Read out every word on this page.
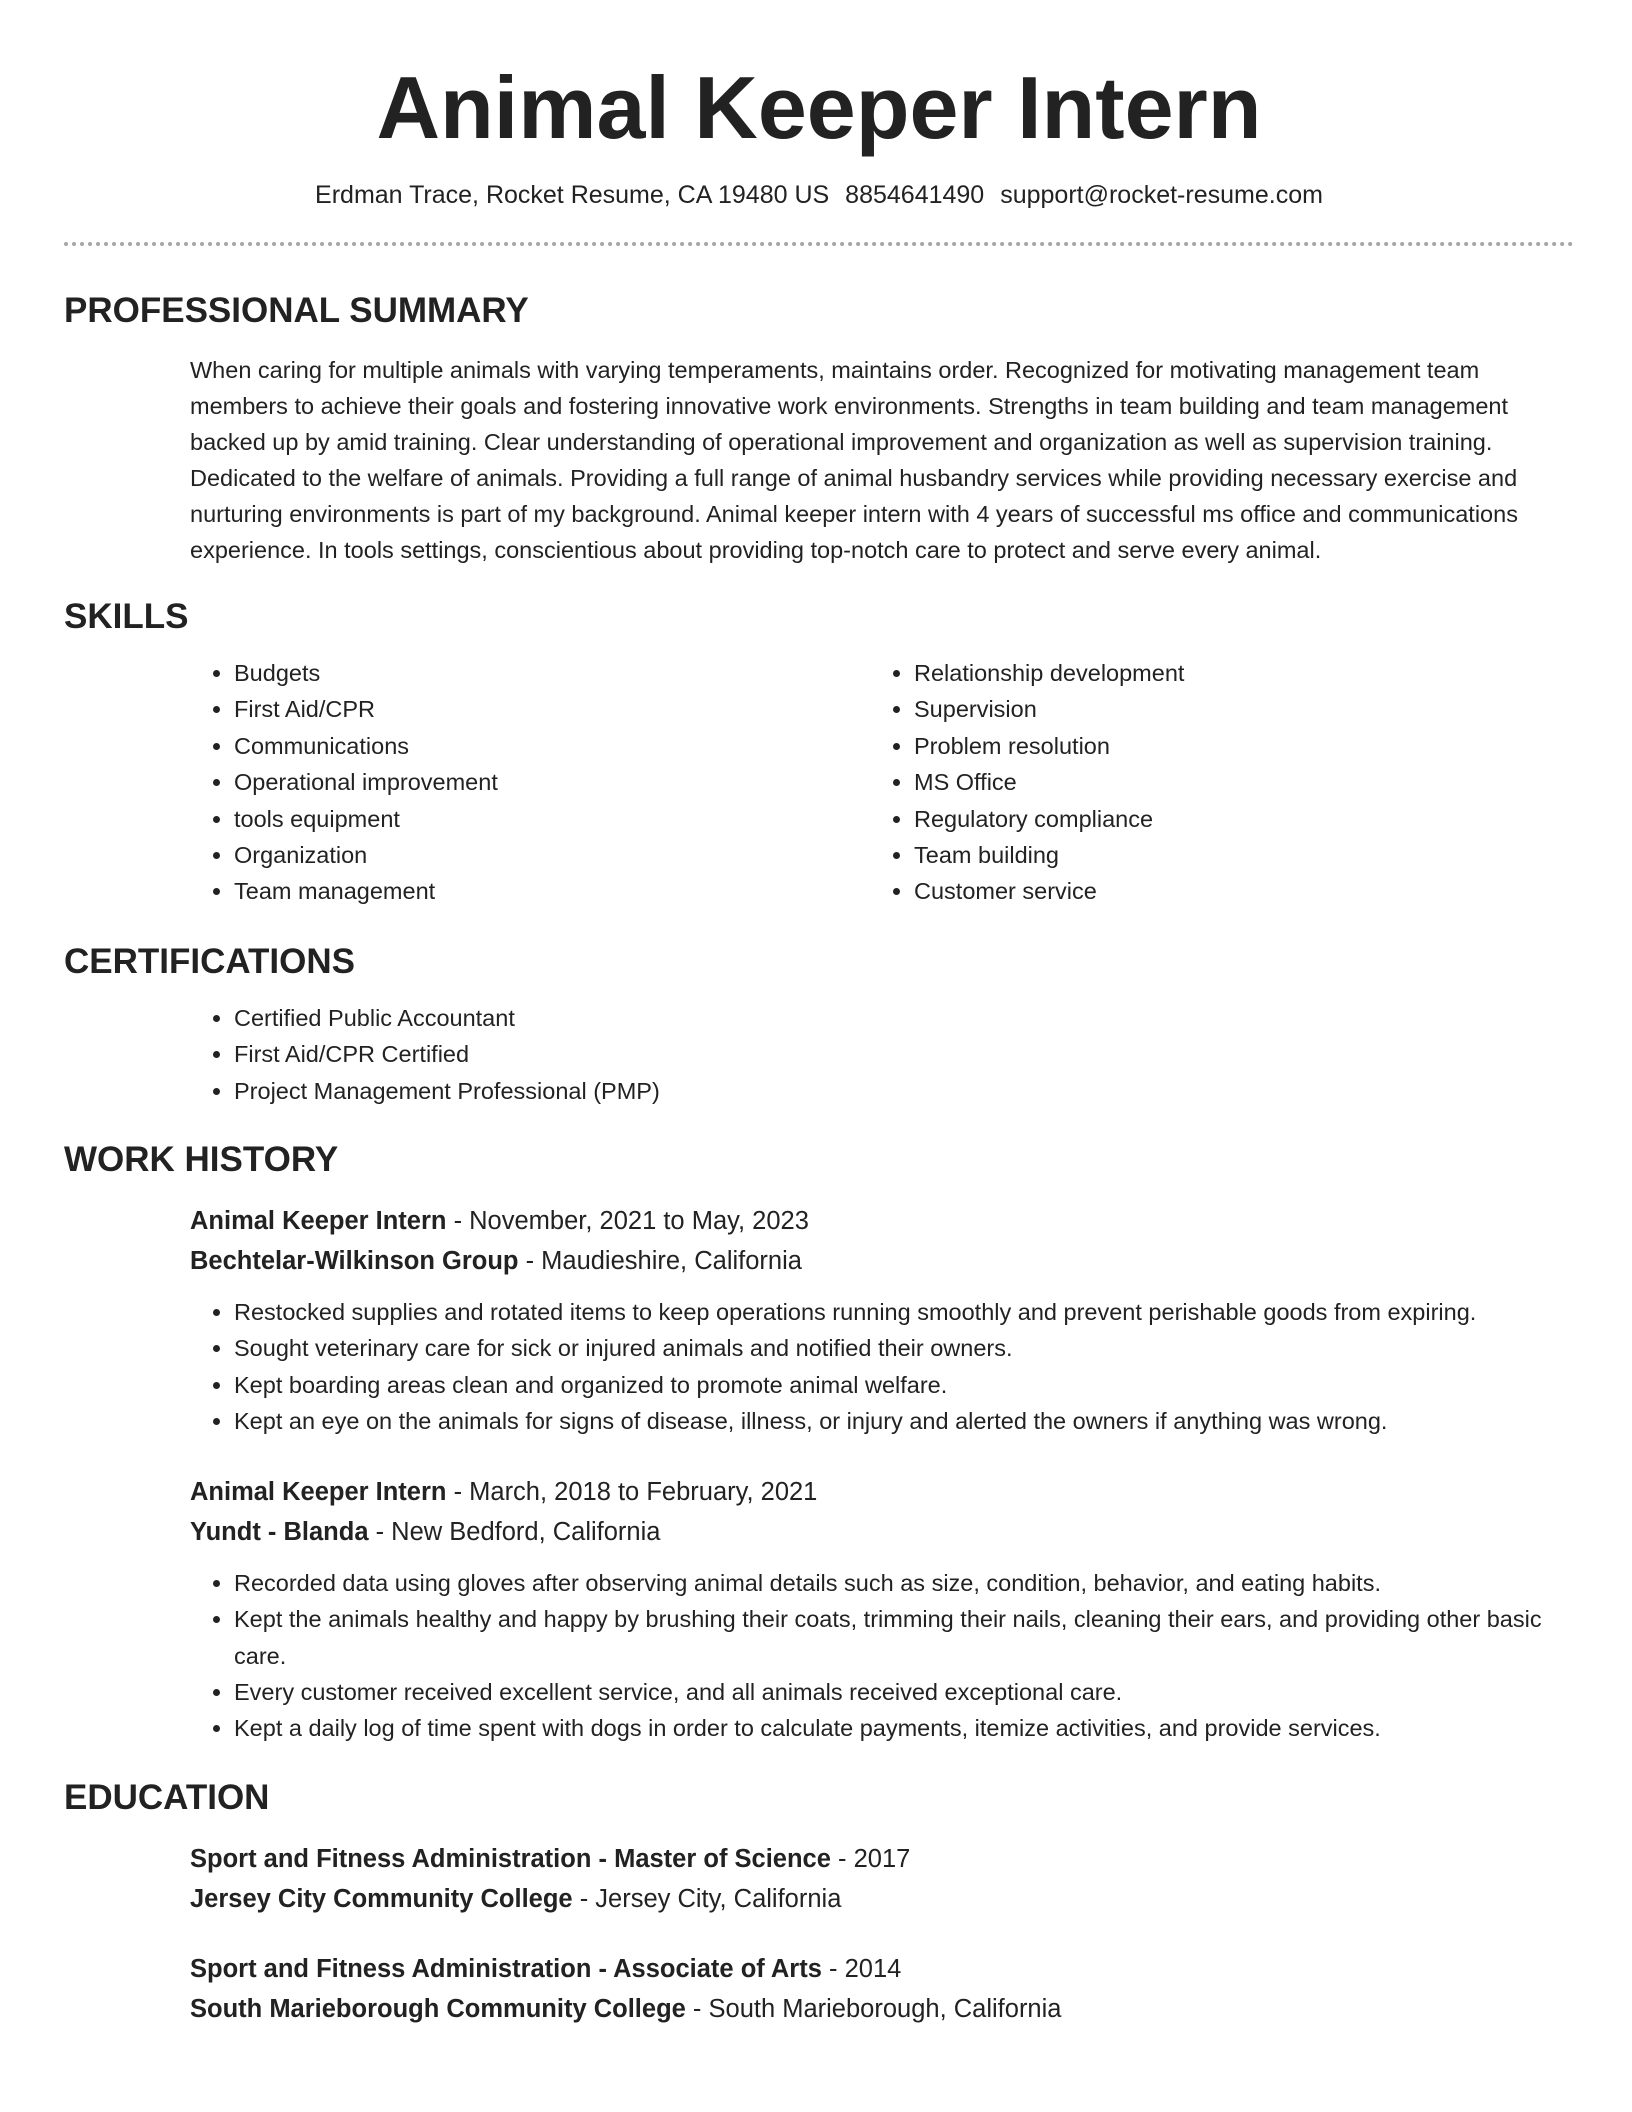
Animal Keeper Intern
Erdman Trace, Rocket Resume, CA 19480 US 8854641490 support@rocket-resume.com
PROFESSIONAL SUMMARY
When caring for multiple animals with varying temperaments, maintains order. Recognized for motivating management team members to achieve their goals and fostering innovative work environments. Strengths in team building and team management backed up by amid training. Clear understanding of operational improvement and organization as well as supervision training. Dedicated to the welfare of animals. Providing a full range of animal husbandry services while providing necessary exercise and nurturing environments is part of my background. Animal keeper intern with 4 years of successful ms office and communications experience. In tools settings, conscientious about providing top-notch care to protect and serve every animal.
SKILLS
• Budgets
• First Aid/CPR
• Communications
• Operational improvement
• tools equipment
• Organization
• Team management
• Relationship development
• Supervision
• Problem resolution
• MS Office
• Regulatory compliance
• Team building
• Customer service
CERTIFICATIONS
• Certified Public Accountant
• First Aid/CPR Certified
• Project Management Professional (PMP)
WORK HISTORY
Animal Keeper Intern - November, 2021 to May, 2023
Bechtelar-Wilkinson Group - Maudieshire, California
• Restocked supplies and rotated items to keep operations running smoothly and prevent perishable goods from expiring.
• Sought veterinary care for sick or injured animals and notified their owners.
• Kept boarding areas clean and organized to promote animal welfare.
• Kept an eye on the animals for signs of disease, illness, or injury and alerted the owners if anything was wrong.
Animal Keeper Intern - March, 2018 to February, 2021
Yundt - Blanda - New Bedford, California
• Recorded data using gloves after observing animal details such as size, condition, behavior, and eating habits.
• Kept the animals healthy and happy by brushing their coats, trimming their nails, cleaning their ears, and providing other basic care.
• Every customer received excellent service, and all animals received exceptional care.
• Kept a daily log of time spent with dogs in order to calculate payments, itemize activities, and provide services.
EDUCATION
Sport and Fitness Administration - Master of Science - 2017
Jersey City Community College - Jersey City, California
Sport and Fitness Administration - Associate of Arts - 2014
South Marieborough Community College - South Marieborough, California
